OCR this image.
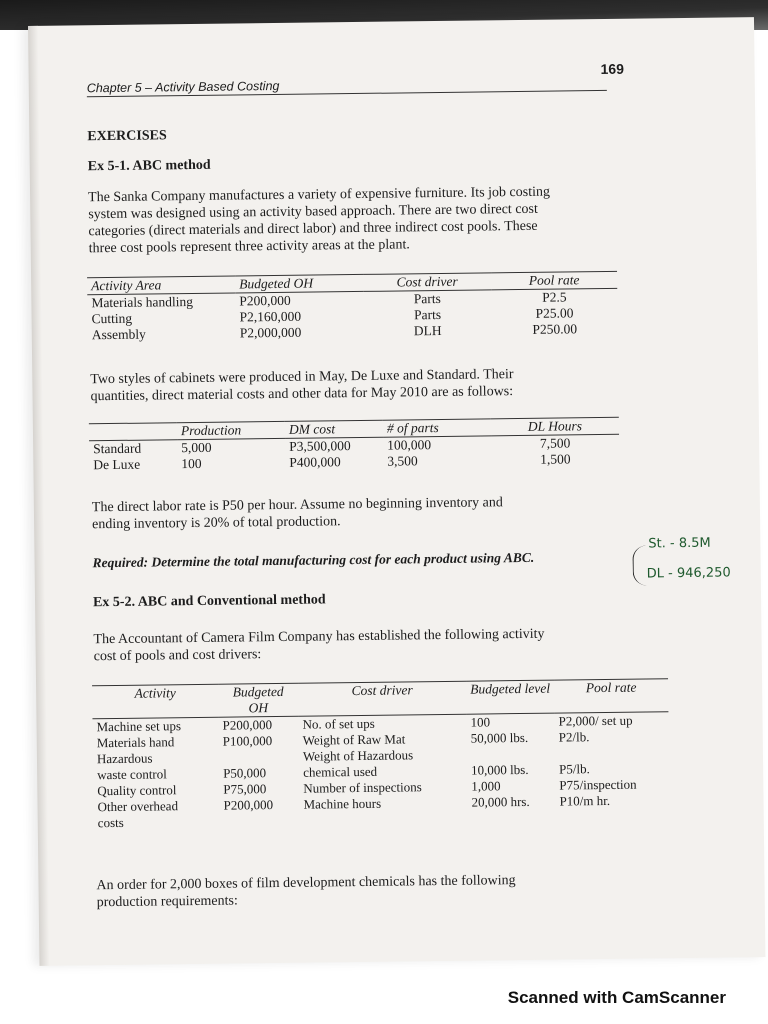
169
Chapter 5 – Activity Based Costing
EXERCISES
Ex 5-1. ABC method
The Sanka Company manufactures a variety of expensive furniture. Its job costing
system was designed using an activity based approach. There are two direct cost
categories (direct materials and direct labor) and three indirect cost pools. These
three cost pools represent three activity areas at the plant.
Activity Area	Budgeted OH	Cost driver	Pool rate
Materials handling	P200,000	Parts	P2.5
Cutting	P2,160,000	Parts	P25.00
Assembly	P2,000,000	DLH	P250.00
Two styles of cabinets were produced in May, De Luxe and Standard. Their
quantities, direct material costs and other data for May 2010 are as follows:
	Production	DM cost	# of parts	DL Hours
Standard	5,000	P3,500,000	100,000	7,500
De Luxe	100	P400,000	3,500	1,500
The direct labor rate is P50 per hour. Assume no beginning inventory and
ending inventory is 20% of total production.
Required: Determine the total manufacturing cost for each product using ABC.
St. - 8.5M
DL - 946,250
Ex 5-2. ABC and Conventional method
The Accountant of Camera Film Company has established the following activity
cost of pools and cost drivers:
Activity	Budgeted OH	Cost driver	Budgeted level	Pool rate
Machine set ups	P200,000	No. of set ups	100	P2,000/ set up
Materials hand	P100,000	Weight of Raw Mat	50,000 lbs.	P2/lb.
Hazardous		Weight of Hazardous		
waste control	P50,000	chemical used	10,000 lbs.	P5/lb.
Quality control	P75,000	Number of inspections	1,000	P75/inspection
Other overhead	P200,000	Machine hours	20,000 hrs.	P10/m hr.
costs				
An order for 2,000 boxes of film development chemicals has the following
production requirements:
Scanned with CamScanner
